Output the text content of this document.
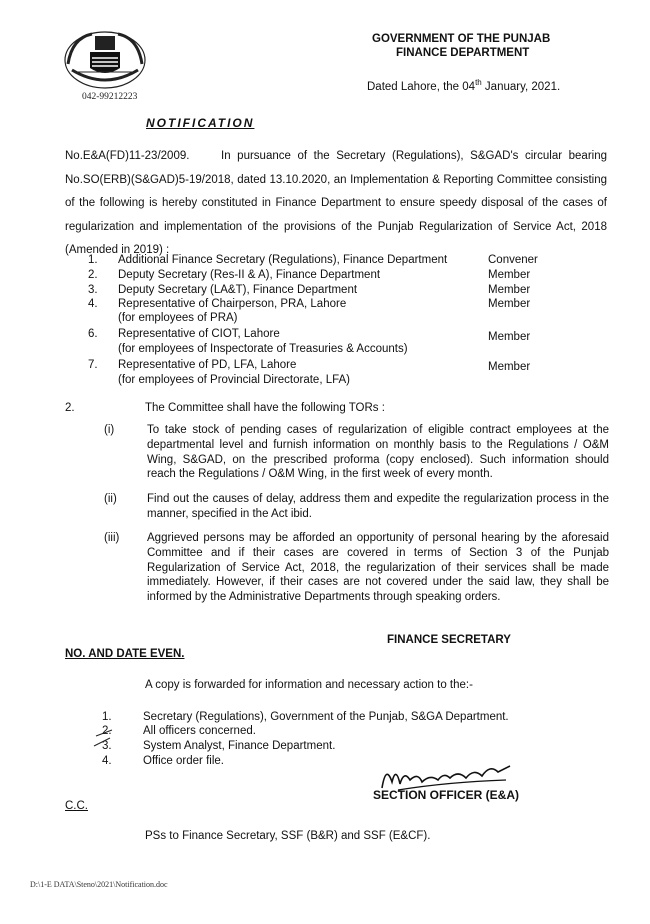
042-99212223
GOVERNMENT OF THE PUNJAB
FINANCE DEPARTMENT
Dated Lahore, the 04th January, 2021.
NOTIFICATION
No.E&A(FD)11-23/2009.	In pursuance of the Secretary (Regulations), S&GAD's circular bearing No.SO(ERB)(S&GAD)5-19/2018, dated 13.10.2020, an Implementation & Reporting Committee consisting of the following is hereby constituted in Finance Department to ensure speedy disposal of the cases of regularization and implementation of the provisions of the Punjab Regularization of Service Act, 2018 (Amended in 2019) :
1.	Additional Finance Secretary (Regulations), Finance Department	Convener
2.	Deputy Secretary (Res-II & A), Finance Department	Member
3.	Deputy Secretary (LA&T), Finance Department	Member
4.	Representative of Chairperson, PRA, Lahore	Member
(for employees of PRA)
6.	Representative of CIOT, Lahore	Member
(for employees of Inspectorate of Treasuries & Accounts)
7.	Representative of PD, LFA, Lahore	Member
(for employees of Provincial Directorate, LFA)
2.	The Committee shall have the following TORs :
(i)	To take stock of pending cases of regularization of eligible contract employees at the departmental level and furnish information on monthly basis to the Regulations / O&M Wing, S&GAD, on the prescribed proforma (copy enclosed). Such information should reach the Regulations / O&M Wing, in the first week of every month.
(ii)	Find out the causes of delay, address them and expedite the regularization process in the manner, specified in the Act ibid.
(iii) Aggrieved persons may be afforded an opportunity of personal hearing by the aforesaid Committee and if their cases are covered in terms of Section 3 of the Punjab Regularization of Service Act, 2018, the regularization of their services shall be made immediately. However, if their cases are not covered under the said law, they shall be informed by the Administrative Departments through speaking orders.
FINANCE SECRETARY
NO. AND DATE EVEN.
A copy is forwarded for information and necessary action to the:-
1.	Secretary (Regulations), Government of the Punjab, S&GA Department.
2.	All officers concerned.
3.	System Analyst, Finance Department.
4.	Office order file.
SECTION OFFICER (E&A)
C.C.
PSs to Finance Secretary, SSF (B&R) and SSF (E&CF).
D:\1-E DATA\Steno\2021\Notification.doc
